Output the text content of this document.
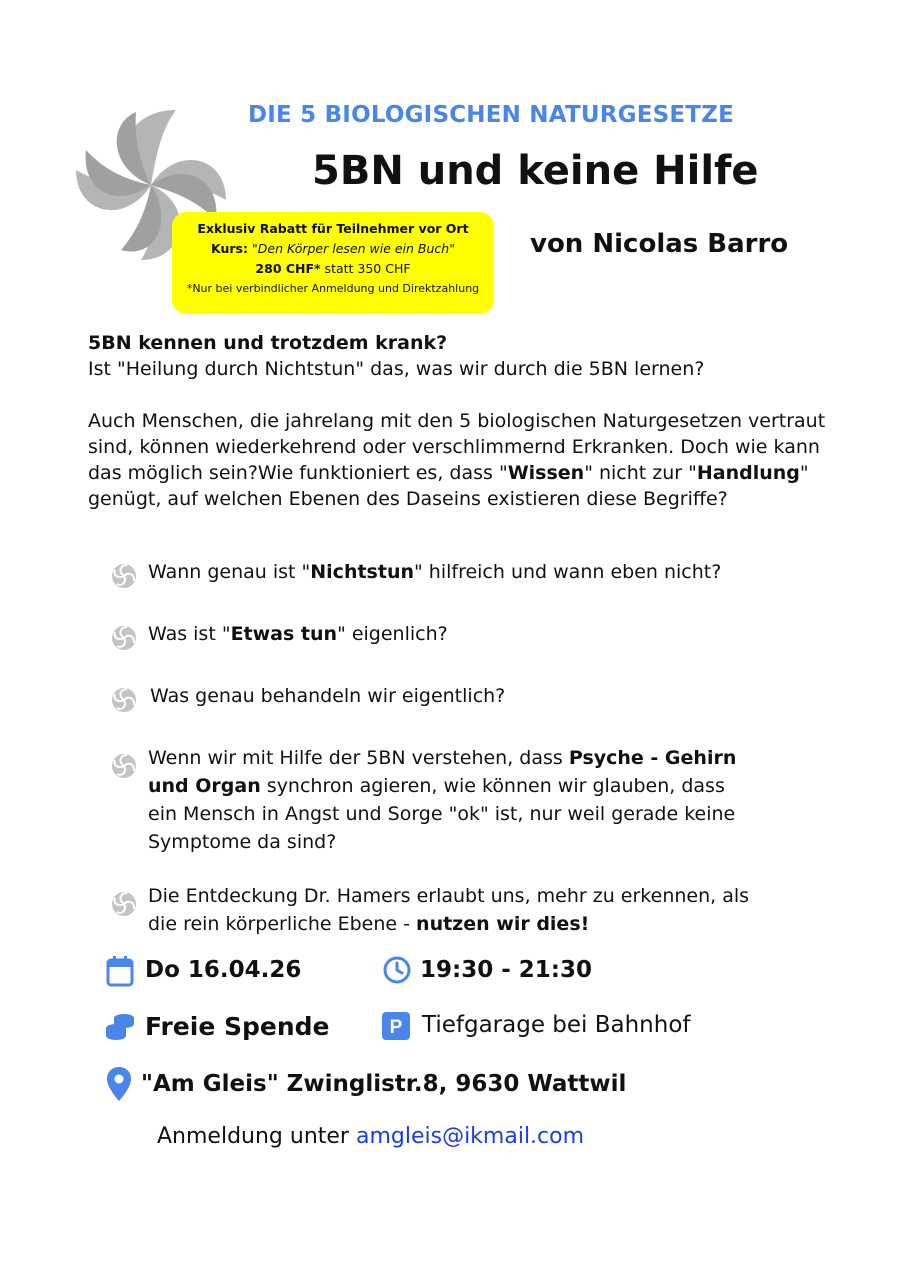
DIE 5 BIOLOGISCHEN NATURGESETZE
5BN und keine Hilfe
von Nicolas Barro
Exklusiv Rabatt für Teilnehmer vor Ort
Kurs: "Den Körper lesen wie ein Buch"
280 CHF* statt 350 CHF
*Nur bei verbindlicher Anmeldung und Direktzahlung

5BN kennen und trotzdem krank?

Ist "Heilung durch Nichtstun" das, was wir durch die 5BN lernen?

Auch Menschen, die jahrelang mit den 5 biologischen Naturgesetzen vertraut sind, können wiederkehrend oder verschlimmernd Erkranken. Doch wie kann das möglich sein?Wie funktioniert es, dass "Wissen" nicht zur "Handlung" genügt, auf welchen Ebenen des Daseins existieren diese Begriffe?

Wann genau ist "Nichtstun" hilfreich und wann eben nicht?
Was ist "Etwas tun" eigenlich?
Was genau behandeln wir eigentlich?
Wenn wir mit Hilfe der 5BN verstehen, dass Psyche - Gehirn und Organ synchron agieren, wie können wir glauben, dass ein Mensch in Angst und Sorge "ok" ist, nur weil gerade keine Symptome da sind?
Die Entdeckung Dr. Hamers erlaubt uns, mehr zu erkennen, als die rein körperliche Ebene - nutzen wir dies!
Do 16.04.26	19:30 - 21:30
Freie Spende	P Tiefgarage bei Bahnhof
"Am Gleis" Zwinglistr.8, 9630 Wattwil
Anmeldung unter amgleis@ikmail.com
